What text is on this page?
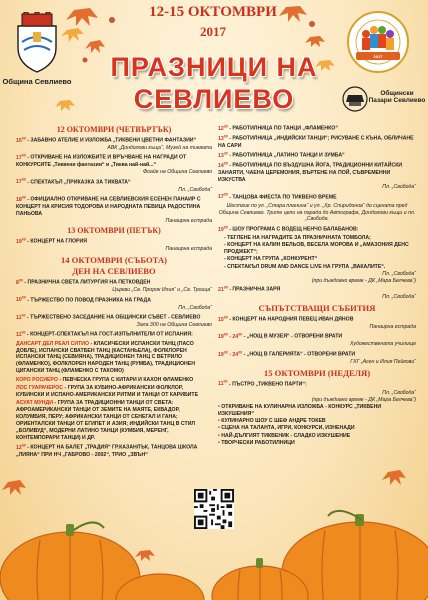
Община Севлиево
12-15 ОКТОМВРИ
2017
ПРАЗНИЦИ НА
СЕВЛИЕВО
2017
Общински Пазари Севлиево
12 ОКТОМВРИ (ЧЕТВЪРТЪК)
$15^{00}$ - ЗАБАВНО АТЕЛИЕ И ИЗЛОЖБА „ТИКВЕНИ ЦВЕТНИ ФАНТАЗИИ“
АВК „Дондолови къщи“, Музей на тиквата
$17^{00}$ - ОТКРИВАНЕ НА ИЗЛОЖБИТЕ И ВРЪЧВАНЕ НА НАГРАДИ ОТ КОНКУРСИТЕ „Тиквени фантазии“ и „Тиква най-най...“
Фоайе на Община Севлиево
$17^{30}$ - СПЕКТАКЪЛ „ПРИКАЗКА ЗА ТИКВАТА“
Пл. „Свобода“
$18^{00}$ - ОФИЦИАЛНО ОТКРИВАНЕ НА СЕВЛИЕВСКИЯ ЕСЕНЕН ПАНАИР С КОНЦЕРТ НА КРИСИЯ ТОДОРОВА И НАРОДНАТА ПЕВИЦА РАДОСТИНА ПАНЬОВА
Панаирна естрада
13 ОКТОМВРИ (ПЕТЪК)
$19^{00}$ - КОНЦЕРТ НА ГЛОРИЯ
Панаирна естрада
14 ОКТОМВРИ (СЪБОТА)
ДЕН НА СЕВЛИЕВО
$8^{00}$ - ПРАЗНИЧНА СВЕТА ЛИТУРГИЯ НА ПЕТКОВДЕН
Църкви „Св. Пророк Илия“ и „Св. Троица“
$10^{00}$ - ТЪРЖЕСТВО ПО ПОВОД ПРАЗНИКА НА ГРАДА
Пл. „Свобода“
$11^{00}$ - ТЪРЖЕСТВЕНО ЗАСЕДАНИЕ НА ОБЩИНСКИ СЪВЕТ - СЕВЛИЕВО
Зала 300 на Община Севлиево
$11^{00}$ - КОНЦЕРТ-СПЕКТАКЪЛ НА ГОСТ-ИЗПЪЛНИТЕЛИ ОТ ИСПАНИЯ:
ДАНСАРТ ДЕЛ РЕАЛ СИТИО - КЛАСИЧЕСКИ ИСПАНСКИ ТАНЦ (ПАСО ДОБЛЕ), ИСПАНСКИ СВАТБЕН ТАНЦ (КАСТАНЬЕЛА), ФОЛКЛОРЕН ИСПАНСКИ ТАНЦ (СЕВИЯНА), ТРАДИЦИОНЕН ТАНЦ С ВЕТРИЛО (ФЛАМЕНКО), ФОЛКЛОРЕН НАРОДЕН ТАНЦ (РУМБА), ТРАДИЦИОНЕН ЦИГАНСКИ ТАНЦ (ФЛАМЕНКО С ТАКОМО)
КОРО РОСИЕРО - ПЕВЧЕСКА ГРУПА С КИТАРИ И КАХОН ФЛАМЕНКО
ЛОС ГУАРАЧЕРОС - ГРУПА ЗА КУБИНО-АФРИКАНСКИ ФОЛКЛОР, КУБИНСКИ И ИСПАНО-АМЕРИКАНСКИ РИТМИ И ТАНЦИ ОТ КАРИБИТЕ
АСУАТ МУНДИ - ГРУПА ЗА ТРАДИЦИОННИ ТАНЦИ ОТ СВЕТА: АФРОАМЕРИКАНСКИ ТАНЦИ ОТ ЗЕМИТЕ НА МАЯТЕ, ЕКВАДОР, КОЛУМБИЯ, ПЕРУ; АФРИКАНСКИ ТАНЦИ ОТ СЕНЕГАЛ И ГАНА; ОРИЕНТАЛСКИ ТАНЦИ ОТ ЕГИПЕТ И АЗИЯ; ИНДИЙСКИ ТАНЦ В СТИЛ „БОЛИВУД“, МОДЕРНИ ЛАТИНО ТАНЦИ (КУМБИЯ, МЕРЕНГ, КОНТЕМПОРАРИ ТАНЦИ) И ДР.
$12^{00}$ - КОНЦЕРТ НА БАЛЕТ „ТРАДИЯ“ ГР.КАЗАНЛЪК, ТАНЦОВА ШКОЛА „ЛИЯНА“ ПРИ НЧ „ГАБРОВО - 2002“, ТРИО „ЗВЪН“
$12^{30}$ - РАБОТИЛНИЦА ПО ТАНЦИ „ФЛАМЕНКО“
$13^{00}$ - РАБОТИЛНИЦА „ИНДИЙСКИ ТАНЦИ“; РИСУВАНЕ С КЪНА, ОБЛИЧАНЕ НА САРИ
$13^{30}$ - РАБОТИЛНИЦА „ЛАТИНО ТАНЦИ И ЗУМБА“
$14^{00}$ - РАБОТИЛНИЦА ПО ВЪЗДУШНА ЙОГА, ТРАДИЦИОННИ КИТАЙСКИ ЗАНАЯТИ, ЧАЕНА ЦЕРЕМОНИЯ, ВЪРТЕНЕ НА ПОЙ, СЪВРЕМЕННИ ИЗКУСТВА
Пл. „Свобода“
$17^{00}$ - ТАНЦОВА ФИЕСТА ПО ТИКВЕНО ВРЕМЕ
Шествие по ул. „Стара планина“ и ул. „Хр. Спиридонов“ до сцената пред Община Севлиево. Трите цели на парада до Автографа, Дондолови къщи и пл. „Свобода.
$19^{00}$ - ШОУ ПРОГРАМА С ВОДЕЩ НЕНЧО БАЛАБАНОВ:
- ТЕГЛЕНЕ НА НАГРАДИТЕ ЗА ПРАЗНИЧНАТА ТОМБОЛА;
- КОНЦЕРТ НА КАЛИН ВЕЛЬОВ, ВЕСЕЛА МОРОВА И „АМАЗОНИЯ ДЕНС ПРОДЖЕКТ“;
- КОНЦЕРТ НА ГРУПА „КОНКУРЕНТ“
- СПЕКТАКЪЛ DRUM AND DANCE LIVE НА ГРУПА „ВАКАЛИТЕ“.
Пл. „Свобода“
(при дъждовно време - ДК „Мара Белчева“)
$21^{00}$ - ПРАЗНИЧНА ЗАРЯ
Пл. „Свобода“
СЪПЪТСТВАЩИ СЪБИТИЯ
$15^{00}$ - КОНЦЕРТ НА НАРОДНИЯ ПЕВЕЦ ИВАН ДЯНОВ
Панаирна естрада
$19^{00} - 24^{00}$ - „НОЩ В МУЗЕЯ“ - ОТВОРЕНИ ВРАТИ
Художествената училище
$19^{00} - 24^{00}$ - „НОЩ В ГАЛЕРИЯТА“ - ОТВОРЕНИ ВРАТИ
ГХГ „Асен и Илия Пейкови“
15 ОКТОМВРИ (НЕДЕЛЯ)
$11^{00}$ - ПЪСТРО „ТИКВЕНО ПАРТИ“:
Пл. „Свобода“
(при дъждовно време - ДК „Мара Белчева“)
• ОТКРИВАНЕ НА КУЛИНАРНА ИЗЛОЖБА - КОНКУРС „ТИКВЕНИ ИЗКУШЕНИЯ“
• КУЛИНАРНО ШОУ С ШЕФ АНДРЕ ТОКЕВ
• СЦЕНА НА ТАЛАНТА, ИГРИ, КОНКУРСИ, ИЗНЕНАДИ
• НАЙ-ДЪЛГИЯТ ТИКВЕНИК - СЛАДКО ИЗКУШЕНИЕ
• ТВОРЧЕСКИ РАБОТИЛНИЦИ
